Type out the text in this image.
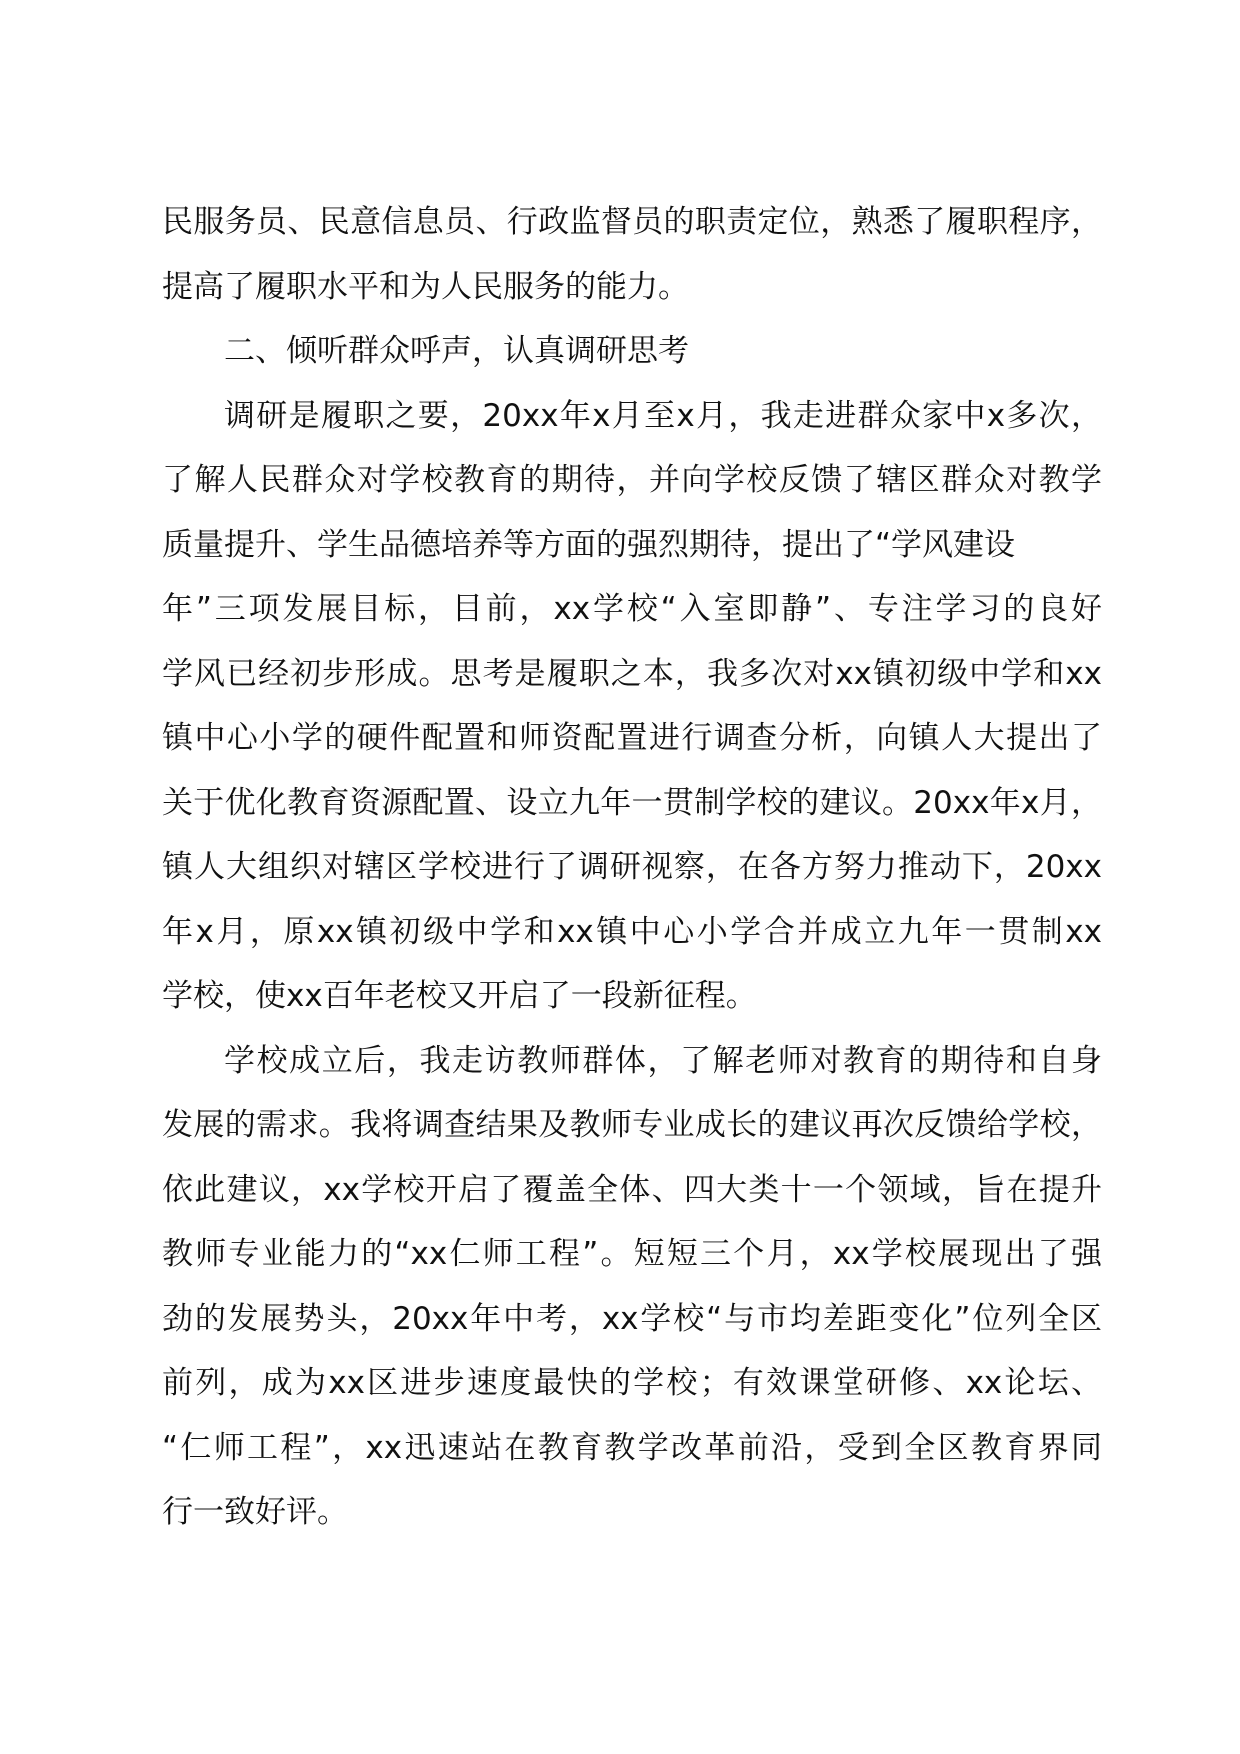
民服务员、民意信息员、行政监督员的职责定位，熟悉了履职程序，

提高了履职水平和为人民服务的能力。

二、倾听群众呼声，认真调研思考

调研是履职之要，20xx年x月至x月，我走进群众家中x多次，

了解人民群众对学校教育的期待，并向学校反馈了辖区群众对教学

质量提升、学生品德培养等方面的强烈期待，提出了“学风建设

年”三项发展目标，目前，xx学校“入室即静”、专注学习的良好

学风已经初步形成。思考是履职之本，我多次对xx镇初级中学和xx

镇中心小学的硬件配置和师资配置进行调查分析，向镇人大提出了

关于优化教育资源配置、设立九年一贯制学校的建议。20xx年x月，

镇人大组织对辖区学校进行了调研视察，在各方努力推动下，20xx

年x月，原xx镇初级中学和xx镇中心小学合并成立九年一贯制xx

学校，使xx百年老校又开启了一段新征程。

学校成立后，我走访教师群体，了解老师对教育的期待和自身

发展的需求。我将调查结果及教师专业成长的建议再次反馈给学校，

依此建议，xx学校开启了覆盖全体、四大类十一个领域，旨在提升

教师专业能力的“xx仁师工程”。短短三个月，xx学校展现出了强

劲的发展势头，20xx年中考，xx学校“与市均差距变化”位列全区

前列，成为xx区进步速度最快的学校；有效课堂研修、xx论坛、

“仁师工程”，xx迅速站在教育教学改革前沿，受到全区教育界同

行一致好评。
